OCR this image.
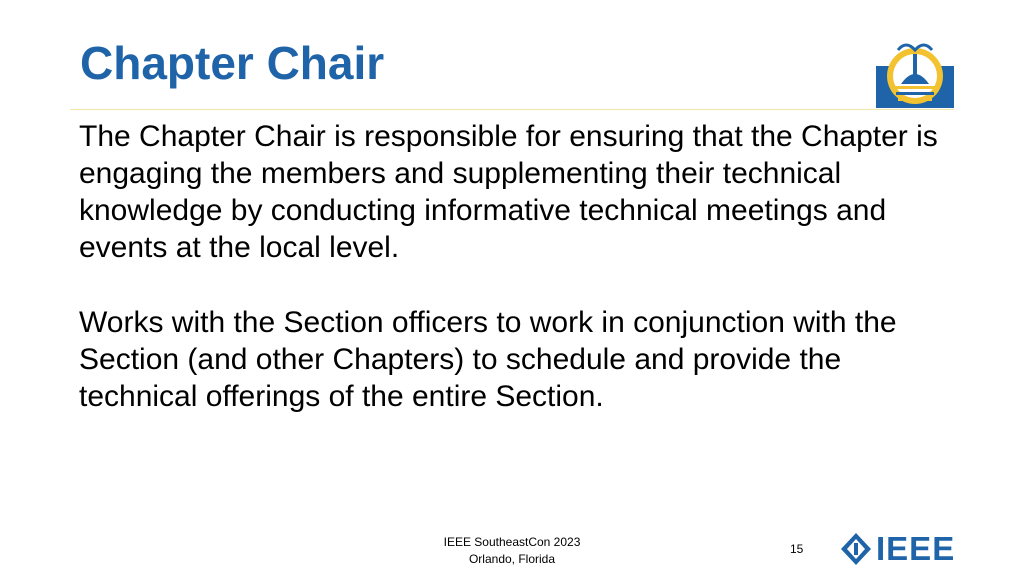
Chapter Chair

The Chapter Chair is responsible for ensuring that the Chapter is engaging the members and supplementing their technical knowledge by conducting informative technical meetings and events at the local level.

Works with the Section officers to work in conjunction with the Section (and other Chapters) to schedule and provide the technical offerings of the entire Section.

IEEE SoutheastCon 2023
Orlando, Florida
15 IEEE
